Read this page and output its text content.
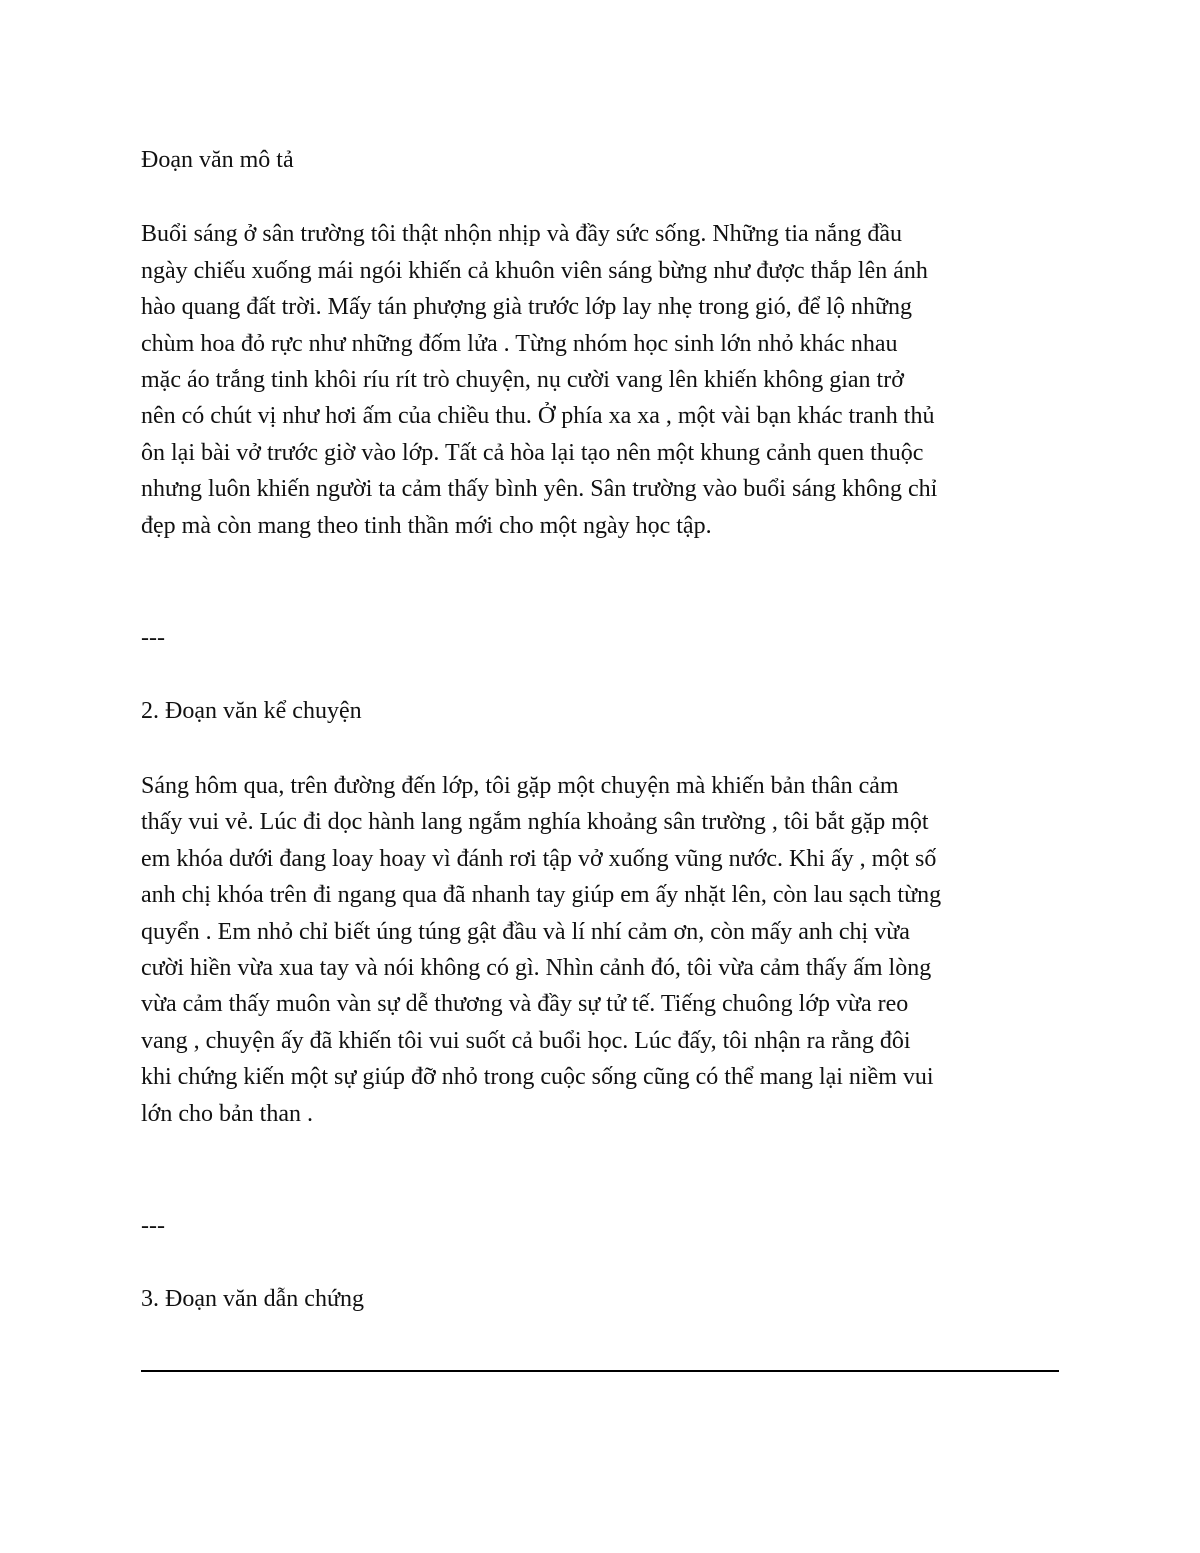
Đoạn văn mô tả

Buổi sáng ở sân trường tôi thật nhộn nhịp và đầy sức sống. Những tia nắng đầu

ngày chiếu xuống mái ngói khiến cả khuôn viên sáng bừng như được thắp lên ánh

hào quang đất trời. Mấy tán phượng già trước lớp lay nhẹ trong gió, để lộ những

chùm hoa đỏ rực như những đốm lửa . Từng nhóm học sinh lớn nhỏ khác nhau

mặc áo trắng tinh khôi ríu rít trò chuyện, nụ cười vang lên khiến không gian trở

nên có chút vị như hơi ấm của chiều thu. Ở phía xa xa , một vài bạn khác tranh thủ

ôn lại bài vở trước giờ vào lớp. Tất cả hòa lại tạo nên một khung cảnh quen thuộc

nhưng luôn khiến người ta cảm thấy bình yên. Sân trường vào buổi sáng không chỉ

đẹp mà còn mang theo tinh thần mới cho một ngày học tập.

---

2. Đoạn văn kể chuyện

Sáng hôm qua, trên đường đến lớp, tôi gặp một chuyện mà khiến bản thân cảm

thấy vui vẻ. Lúc đi dọc hành lang ngắm nghía khoảng sân trường , tôi bắt gặp một

em khóa dưới đang loay hoay vì đánh rơi tập vở xuống vũng nước. Khi ấy , một số

anh chị khóa trên đi ngang qua đã nhanh tay giúp em ấy nhặt lên, còn lau sạch từng

quyển . Em nhỏ chỉ biết úng túng gật đầu và lí nhí cảm ơn, còn mấy anh chị vừa

cười hiền vừa xua tay và nói không có gì. Nhìn cảnh đó, tôi vừa cảm thấy ấm lòng

vừa cảm thấy muôn vàn sự dễ thương và đầy sự tử tế. Tiếng chuông lớp vừa reo

vang , chuyện ấy đã khiến tôi vui suốt cả buổi học. Lúc đấy, tôi nhận ra rằng đôi

khi chứng kiến một sự giúp đỡ nhỏ trong cuộc sống cũng có thể mang lại niềm vui

lớn cho bản than .

---

3. Đoạn văn dẫn chứng
